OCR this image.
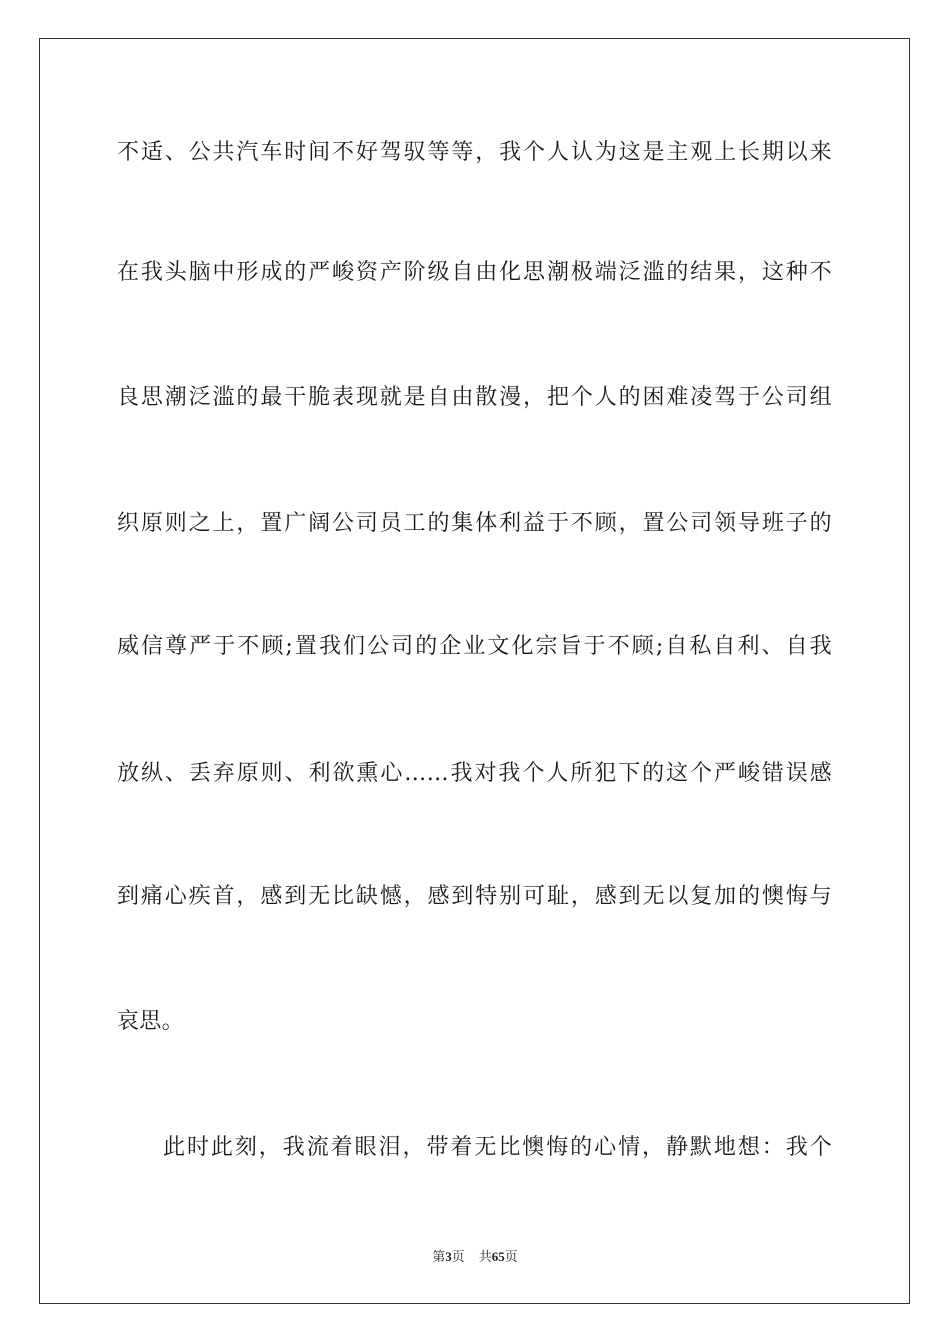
不适、公共汽车时间不好驾驭等等，我个人认为这是主观上长期以来
在我头脑中形成的严峻资产阶级自由化思潮极端泛滥的结果，这种不
良思潮泛滥的最干脆表现就是自由散漫，把个人的困难凌驾于公司组
织原则之上，置广阔公司员工的集体利益于不顾，置公司领导班子的
威信尊严于不顾;置我们公司的企业文化宗旨于不顾;自私自利、自我
放纵、丢弃原则、利欲熏心……我对我个人所犯下的这个严峻错误感
到痛心疾首，感到无比缺憾，感到特别可耻，感到无以复加的懊悔与
哀思。
此时此刻，我流着眼泪，带着无比懊悔的心情，静默地想：我个
第3页 共65页
